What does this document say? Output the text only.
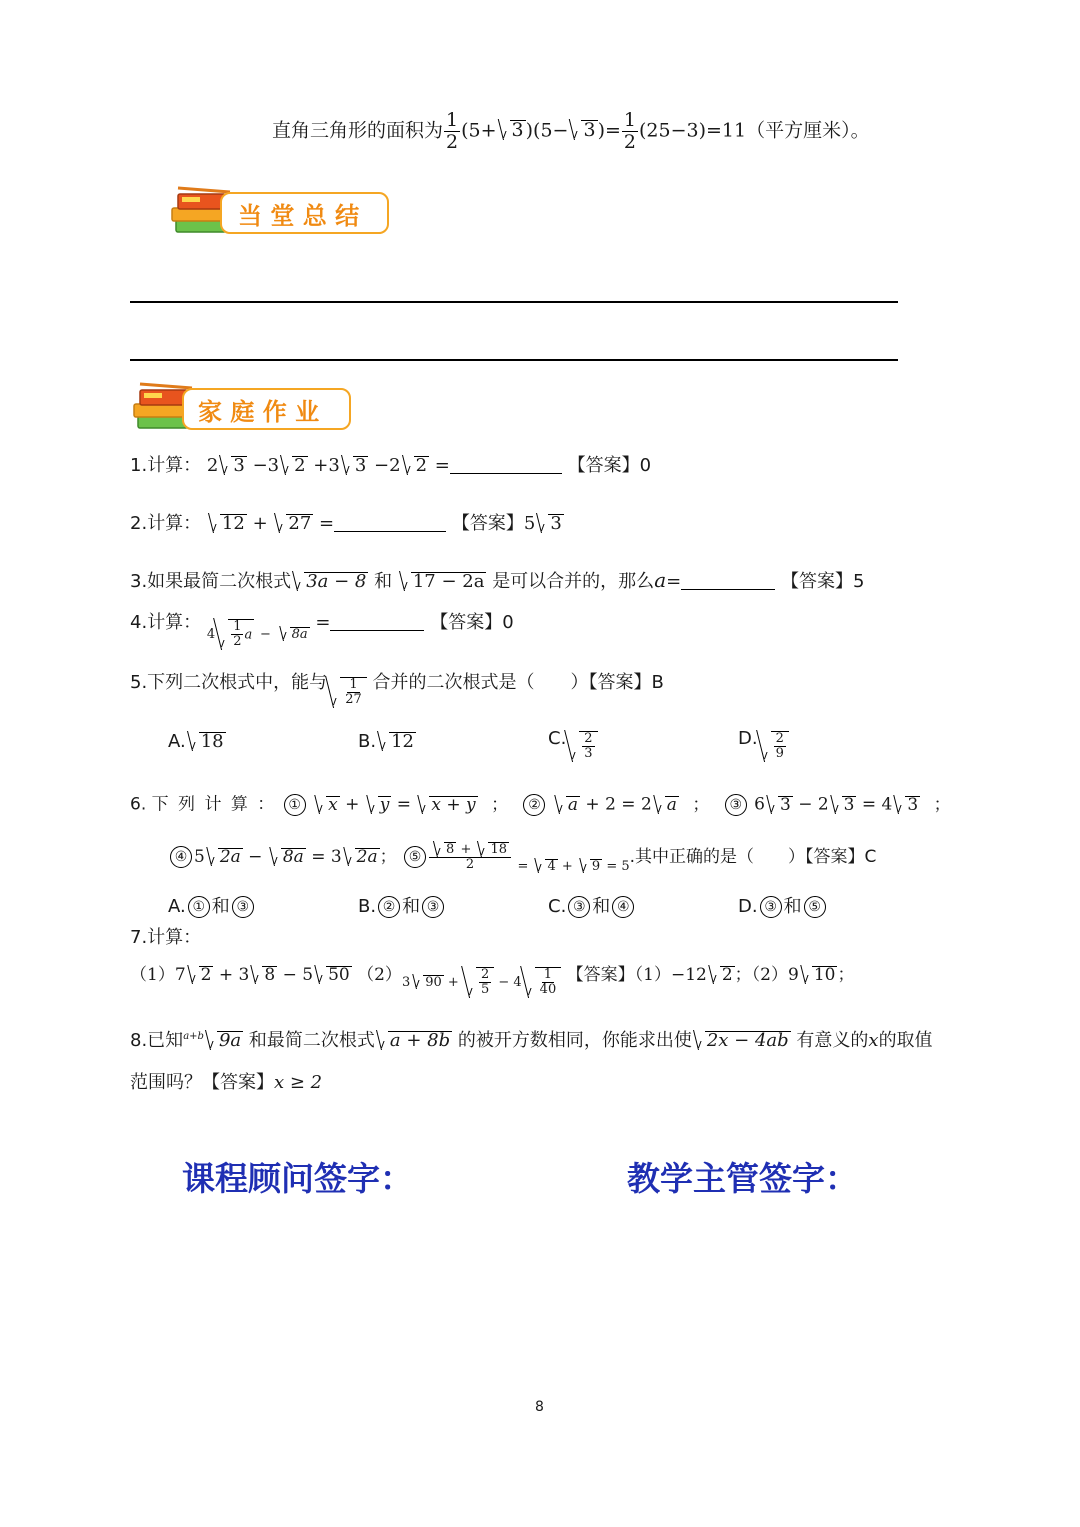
直角三角形的面积为 $\frac{1}{2} (5+ 3$ )(5− 3 )= $\frac{1}{2} (25-3)=11$（平方厘米）。
当 堂 总 结
家 庭 作 业
1.计算： 2 3 −3 2 +3 3 −2 2 =	【答案】0
2.计算： 12 + 27 =	【答案】5 3
3.如果最简二次根式 3a − 8 和 17 − 2a 是可以合并的，那么a=	【答案】5
4.计算： $_4 \frac{1}{2}$ a $_-$ 8a =	【答案】0
5.下列二次根式中，能与 $\frac{1}{27}$ 合并的二次根式是（　　）【答案】B
A. 18	B. 12	C. $\frac{2}{3}$	D. $\frac{2}{9}$
6. 下 列 计 算 ： ① x +
y =
x + y ； ② a + 2 = 2 a ； ③ 6 3 − 2 3 = 4 3 ；
④ 5 2a −
8a = 3 2a ； ⑤ 8 +
18
2 $_{= 4 + 9 = 5}$.其中正确的是（　　）【答案】C
A. ① 和 ③	B. ② 和 ③	C. ③ 和 ④	D. ③ 和 ⑤
7.计算：
（1）7 2 + 3 8 − 5 50 $(2)_{3 90 + \frac{2}{5} - 4 \frac{1}{40}}$ 【答案】（1）−12 2 ；（2）9 10 ；
8.已知$^{a+b}$ 9a 和最简二次根式 a + 8b 的被开方数相同，你能求出使 2x − 4ab 有意义的x的取值
范围吗？【答案】x ≥ 2
课程顾问签字：	教学主管签字：
8
